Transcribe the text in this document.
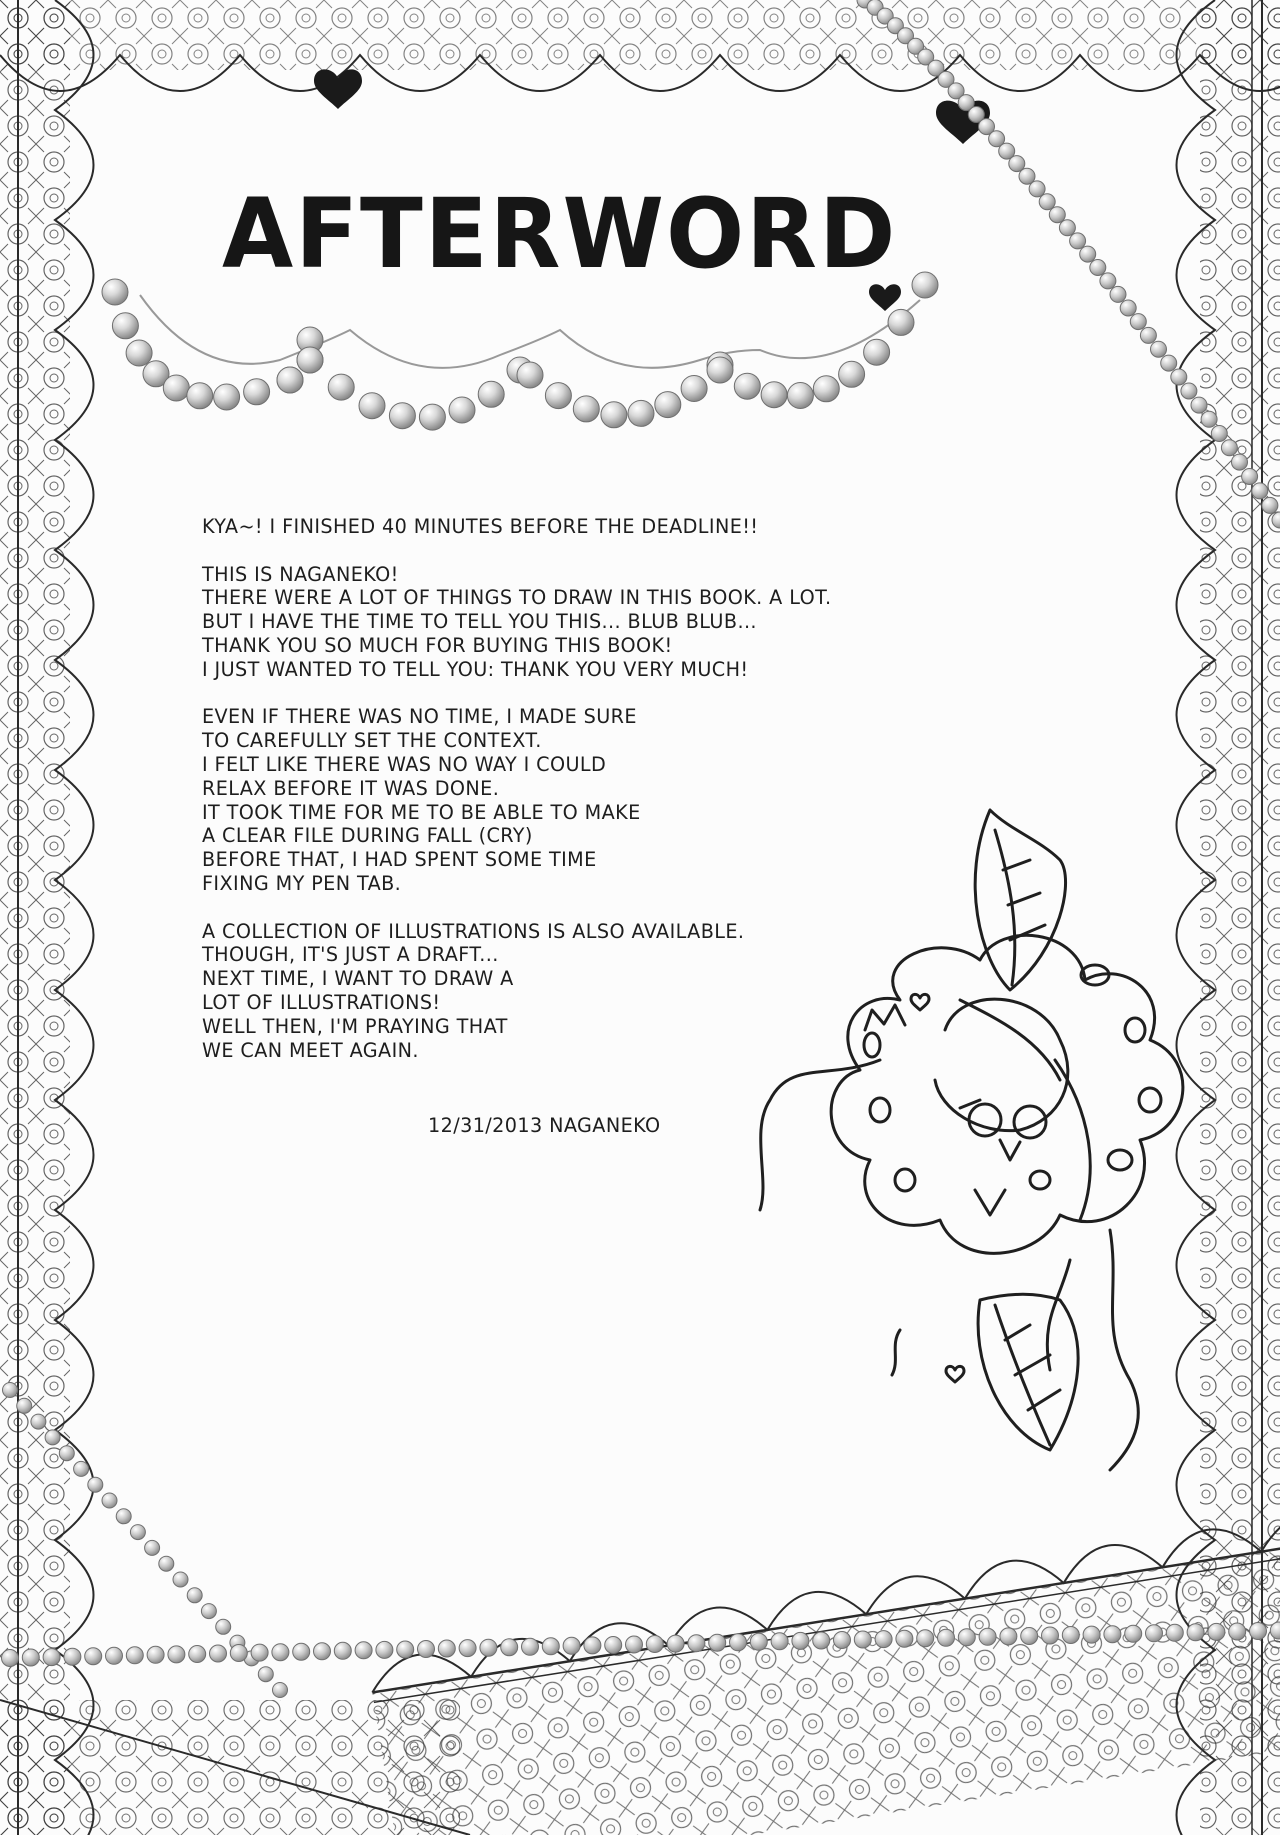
AFTERWORD
KYA~! I FINISHED 40 MINUTES BEFORE THE DEADLINE!!
THIS IS NAGANEKO!
THERE WERE A LOT OF THINGS TO DRAW IN THIS BOOK. A LOT.
BUT I HAVE THE TIME TO TELL YOU THIS... BLUB BLUB...
THANK YOU SO MUCH FOR BUYING THIS BOOK!
I JUST WANTED TO TELL YOU: THANK YOU VERY MUCH!
EVEN IF THERE WAS NO TIME, I MADE SURE
TO CAREFULLY SET THE CONTEXT.
I FELT LIKE THERE WAS NO WAY I COULD
RELAX BEFORE IT WAS DONE.
IT TOOK TIME FOR ME TO BE ABLE TO MAKE
A CLEAR FILE DURING FALL (CRY)
BEFORE THAT, I HAD SPENT SOME TIME
FIXING MY PEN TAB.
A COLLECTION OF ILLUSTRATIONS IS ALSO AVAILABLE.
THOUGH, IT'S JUST A DRAFT...
NEXT TIME, I WANT TO DRAW A
LOT OF ILLUSTRATIONS!
WELL THEN, I'M PRAYING THAT
WE CAN MEET AGAIN.
12/31/2013 NAGANEKO
